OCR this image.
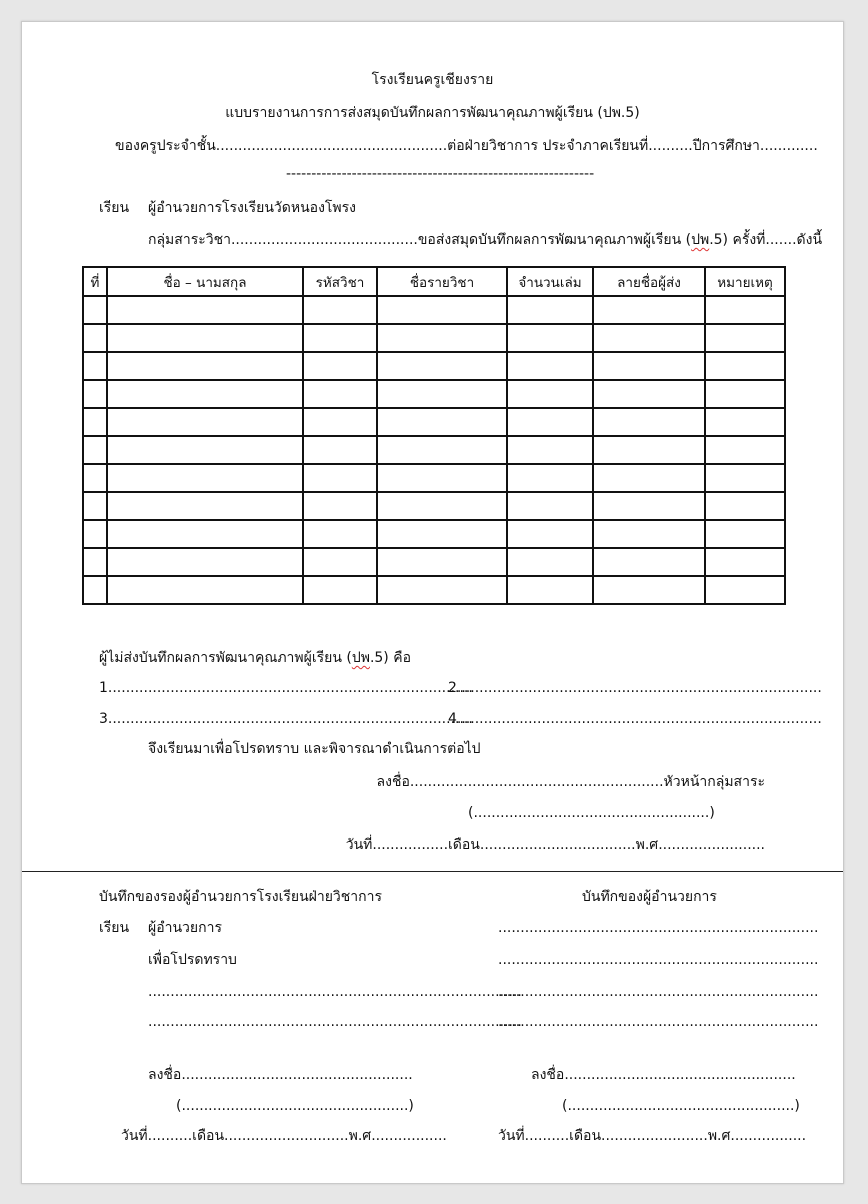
โรงเรียนครูเชียงราย
แบบรายงานการการส่งสมุดบันทึกผลการพัฒนาคุณภาพผู้เรียน (ปพ.5)
ของครูประจำชั้น....................................................ต่อฝ่ายวิชาการ ประจำภาคเรียนที่..........ปีการศึกษา.............
-------------------------------------------------------------
เรียน ผู้อำนวยการโรงเรียนวัดหนองโพรง
กลุ่มสาระวิชา..........................................ขอส่งสมุดบันทึกผลการพัฒนาคุณภาพผู้เรียน (ปพ.5) ครั้งที่.......ดังนี้
ที่	ชื่อ – นามสกุล	รหัสวิชา	ชื่อรายวิชา	จำนวนเล่ม	ลายชื่อผู้ส่ง	หมายเหตุ

ผู้ไม่ส่งบันทึกผลการพัฒนาคุณภาพผู้เรียน (ปพ.5) คือ
1..................................................................................
2..................................................................................
3..................................................................................
4..................................................................................
จึงเรียนมาเพื่อโปรดทราบ และพิจารณาดำเนินการต่อไป
ลงชื่อ.........................................................หัวหน้ากลุ่มสาระ
(.....................................................)
วันที่.................เดือน...................................พ.ศ........................
บันทึกของรองผู้อำนวยการโรงเรียนฝ่ายวิชาการ
เรียน ผู้อำนวยการ
เพื่อโปรดทราบ
....................................................................................
....................................................................................
ลงชื่อ....................................................
(...................................................)
วันที่..........เดือน............................พ.ศ.................
บันทึกของผู้อำนวยการ
........................................................................
........................................................................
........................................................................
........................................................................
ลงชื่อ....................................................
(...................................................)
วันที่..........เดือน........................พ.ศ.................
